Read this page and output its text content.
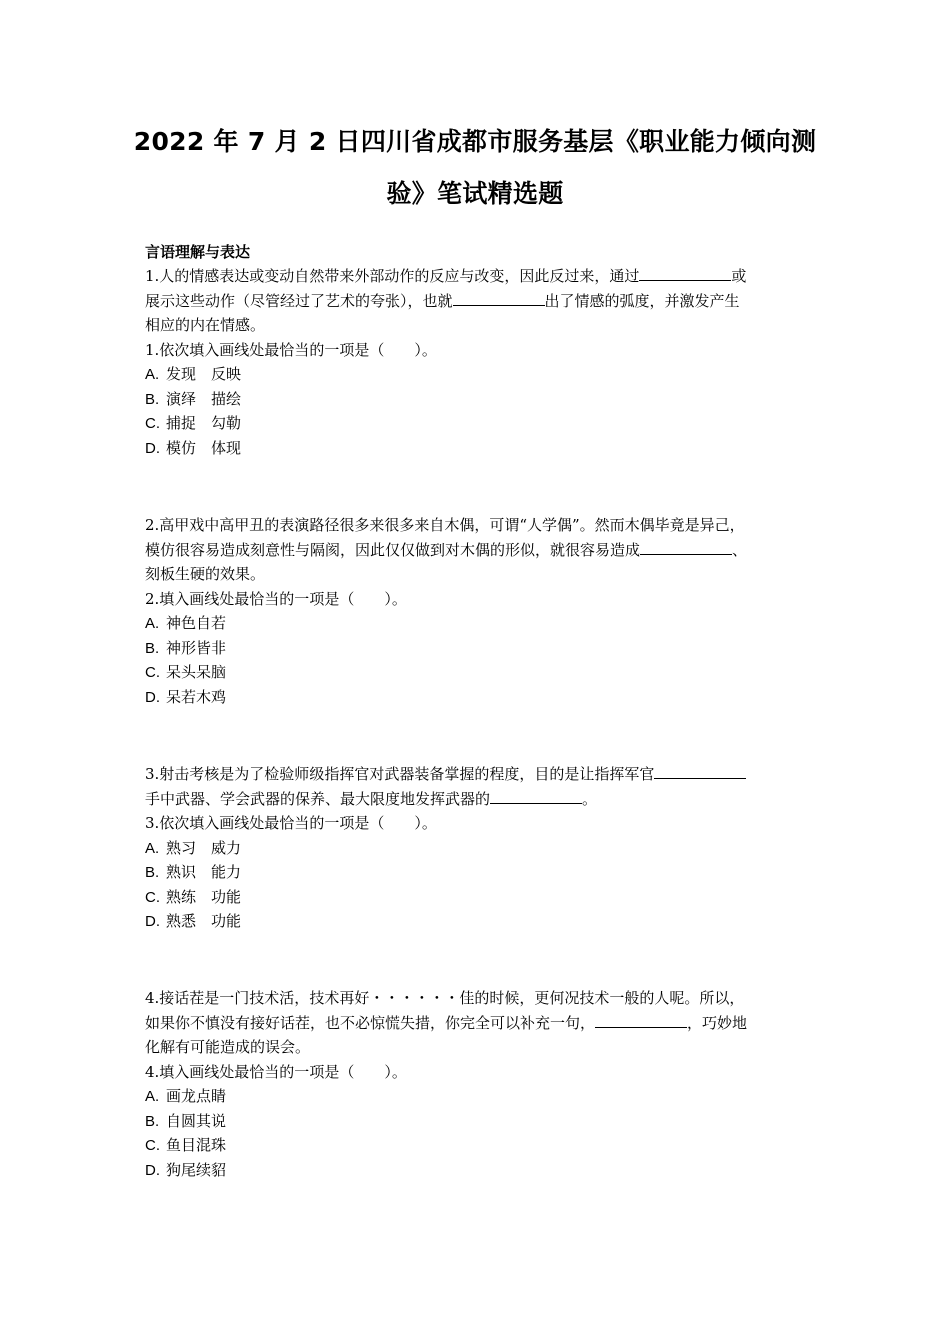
2022 年 7 月 2 日四川省成都市服务基层《职业能力倾向测
验》笔试精选题
言语理解与表达
1.人的情感表达或变动自然带来外部动作的反应与改变，因此反过来，通过	或
展示这些动作（尽管经过了艺术的夸张），也就	出了情感的弧度，并激发产生
相应的内在情感。
1.依次填入画线处最恰当的一项是（　　）。
A. 发现　反映
B. 演绎　描绘
C. 捕捉　勾勒
D. 模仿　体现
2.高甲戏中高甲丑的表演路径很多来很多来自木偶，可谓“人学偶”。然而木偶毕竟是异己，
模仿很容易造成刻意性与隔阂，因此仅仅做到对木偶的形似，就很容易造成	、
刻板生硬的效果。
2.填入画线处最恰当的一项是（　　）。
A. 神色自若
B. 神形皆非
C. 呆头呆脑
D. 呆若木鸡
3.射击考核是为了检验师级指挥官对武器装备掌握的程度，目的是让指挥军官
手中武器、学会武器的保养、最大限度地发挥武器的	。
3.依次填入画线处最恰当的一项是（　　）。
A. 熟习　威力
B. 熟识　能力
C. 熟练　功能
D. 熟悉　功能
4.接话茬是一门技术活，技术再好・・・・・・佳的时候，更何况技术一般的人呢。所以，
如果你不慎没有接好话茬，也不必惊慌失措，你完全可以补充一句，	，巧妙地
化解有可能造成的误会。
4.填入画线处最恰当的一项是（　　）。
A. 画龙点睛
B. 自圆其说
C. 鱼目混珠
D. 狗尾续貂
